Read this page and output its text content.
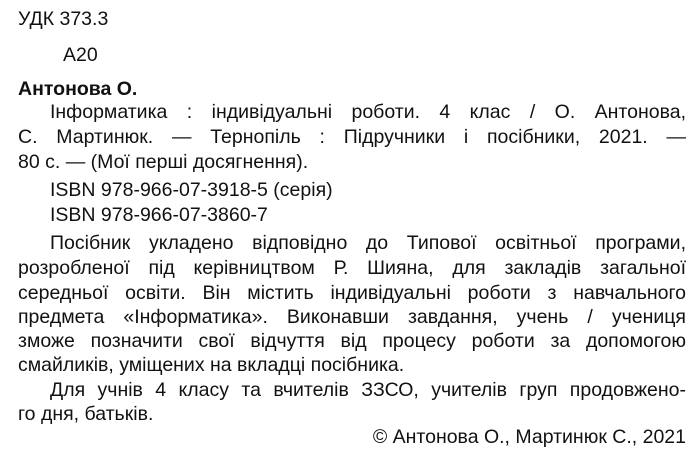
УДК 373.3
А20
Антонова О.
Інформатика : індивідуальні роботи. 4 клас / О. Антонова,
С. Мартинюк. — Тернопіль : Підручники і посібники, 2021. —
80 с. — (Мої перші досягнення).
ISBN 978-966-07-3918-5 (серія)
ISBN 978-966-07-3860-7
Посібник укладено відповідно до Типової освітньої програми,
розробленої під керівництвом Р. Шияна, для закладів загальної
середньої освіти. Він містить індивідуальні роботи з навчального
предмета «Інформатика». Виконавши завдання, учень / учениця
зможе позначити свої відчуття від процесу роботи за допомогою
смайликів, уміщених на вкладці посібника.
Для учнів 4 класу та вчителів ЗЗСО, учителів груп продовжено-
го дня, батьків.
© Антонова О., Мартинюк С., 2021
